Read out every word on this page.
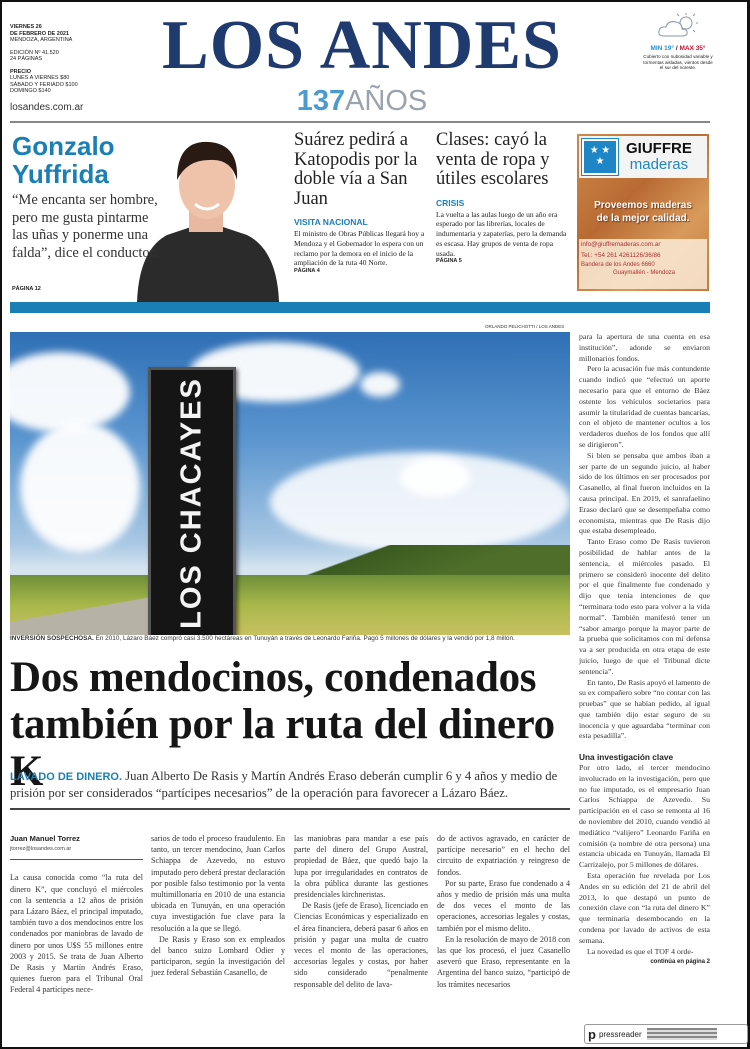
VIERNES 26
DE FEBRERO DE 2021
MENDOZA, ARGENTINA
EDICIÓN Nº 41.520
24 PÁGINAS
PRECIO
LUNES A VIERNES $80
SÁBADO Y FERIADO $100
DOMINGO $140
losandes.com.ar
LOS ANDES
137AÑOS
MIN 19° / MAX 35°
Cubierto con nubosidad variable y tormentas aisladas, vientos desde el sur del noreste.
Gonzalo Yuffrida
“Me encanta ser hombre, pero me gusta pintarme las uñas y ponerme una falda”, dice el conductor.
PÁGINA 12
Suárez pedirá a Katopodis por la doble vía a San Juan
VISITA NACIONAL
El ministro de Obras Públicas llegará hoy a Mendoza y el Gobernador lo espera con un reclamo por la demora en el inicio de la ampliación de la ruta 40 Norte.
PÁGINA 4
Clases: cayó la venta de ropa y útiles escolares
CRISIS
La vuelta a las aulas luego de un año era esperado por las librerías, locales de indumentaria y zapaterías, pero la demanda es escasa. Hay grupos de venta de ropa usada.
PÁGINA 5
★ ★
★
GIUFFRE
maderas
Proveemos maderas
de la mejor calidad.
info@giuffremaderas.com.ar
Tel.: +54 261 4261126/36/86
Bandera de los Andes 6660
Guaymallén - Mendoza
ORLANDO PELICHOTTI / LOS ANDES
LOS CHACAYES
INVERSIÓN SOSPECHOSA. En 2010, Lázaro Báez compró casi 3.500 hectáreas en Tunuyán a través de Leonardo Fariña. Pagó 5 millones de dólares y la vendió por 1,8 millón.
Dos mendocinos, condenados también por la ruta del dinero K
LAVADO DE DINERO. Juan Alberto De Rasis y Martín Andrés Eraso deberán cumplir 6 y 4 años y medio de prisión por ser considerados “partícipes necesarios” de la operación para favorecer a Lázaro Báez.
Juan Manuel Torrez
jtorrez@losandes.com.ar

La causa conocida como “la ruta del dinero K”, que concluyó el miércoles con la sentencia a 12 años de prisión para Lázaro Báez, el principal imputado, también tuvo a dos mendocinos entre los condenados por maniobras de lavado de dinero por unos U$S 55 millones entre 2003 y 2015. Se trata de Juan Alberto De Rasis y Martín Andrés Eraso, quienes fueron para el Tribunal Oral Federal 4 partícipes nece-

sarios de todo el proceso fraudulento. En tanto, un tercer mendocino, Juan Carlos Schiappa de Azevedo, no estuvo imputado pero deberá prestar declaración por posible falso testimonio por la venta multimillonaria en 2010 de una estancia ubicada en Tunuyán, en una operación cuya investigación fue clave para la resolución a la que se llegó.

De Rasis y Eraso son ex empleados del banco suizo Lombard Odier y participaron, según la investigación del juez federal Sebastián Casanello, de

las maniobras para mandar a ese país parte del dinero del Grupo Austral, propiedad de Báez, que quedó bajo la lupa por irregularidades en contratos de la obra pública durante las gestiones presidenciales kirchneristas.

De Rasis (jefe de Eraso), licenciado en Ciencias Económicas y especializado en el área financiera, deberá pasar 6 años en prisión y pagar una multa de cuatro veces el monto de las operaciones, accesorias legales y costas, por haber sido considerado “penalmente responsable del delito de lava-

do de activos agravado, en carácter de partícipe necesario” en el hecho del circuito de expatriación y reingreso de fondos.

Por su parte, Eraso fue condenado a 4 años y medio de prisión más una multa de dos veces el monto de las operaciones, accesorias legales y costas, también por el mismo delito.

En la resolución de mayo de 2018 con las que los procesó, el juez Casanello aseveró que Eraso, representante en la Argentina del banco suizo, “participó de los trámites necesarios

para la apertura de una cuenta en esa institución”, adonde se enviaron millonarios fondos.

Pero la acusación fue más contundente cuando indicó que “efectuó un aporte necesario para que el entorno de Báez ostente los vehículos societarios para asumir la titularidad de cuentas bancarias, con el objeto de mantener ocultos a los verdaderos dueños de los fondos que allí se dirigieron”.

Si bien se pensaba que ambos iban a ser parte de un segundo juicio, al haber sido de los últimos en ser procesados por Casanello, al final fueron incluidos en la causa principal. En 2019, el sanrafaelino Eraso declaró que se desempeñaba como economista, mientras que De Rasis dijo que estaba desempleado.

Tanto Eraso como De Rasis tuvieron posibilidad de hablar antes de la sentencia, el miércoles pasado. El primero se consideró inocente del delito por el que finalmente fue condenado y dijo que tenía intenciones de que “terminara todo esto para volver a la vida normal”. También manifestó tener un “sabor amargo porque la mayor parte de la prueba que solicitamos con mi defensa va a ser producida en otra etapa de este juicio, luego de que el Tribunal dicte sentencia”.

En tanto, De Rasis apoyó el lamento de su ex compañero sobre “no contar con las pruebas” que se habían pedido, al igual que también dijo estar seguro de su inocencia y que aguardaba “terminar con esta pesadilla”.

Una investigación clave

Por otro lado, el tercer mendocino involucrado en la investigación, pero que no fue imputado, es el empresario Juan Carlos Schiappa de Azevedo. Su participación en el caso se remonta al 16 de noviembre del 2010, cuando vendió al mediático “valijero” Leonardo Fariña en comisión (a nombre de otra persona) una estancia ubicada en Tunuyán, llamada El Carrizalejo, por 5 millones de dólares.

Esta operación fue revelada por Los Andes en su edición del 21 de abril del 2013, lo que destapó un punto de conexión clave con “la ruta del dinero K” que terminaría desembocando en la condena por lavado de activos de esta semana.

La novedad es que el TOF 4 orde-

continúa en página 2
p pressreader
